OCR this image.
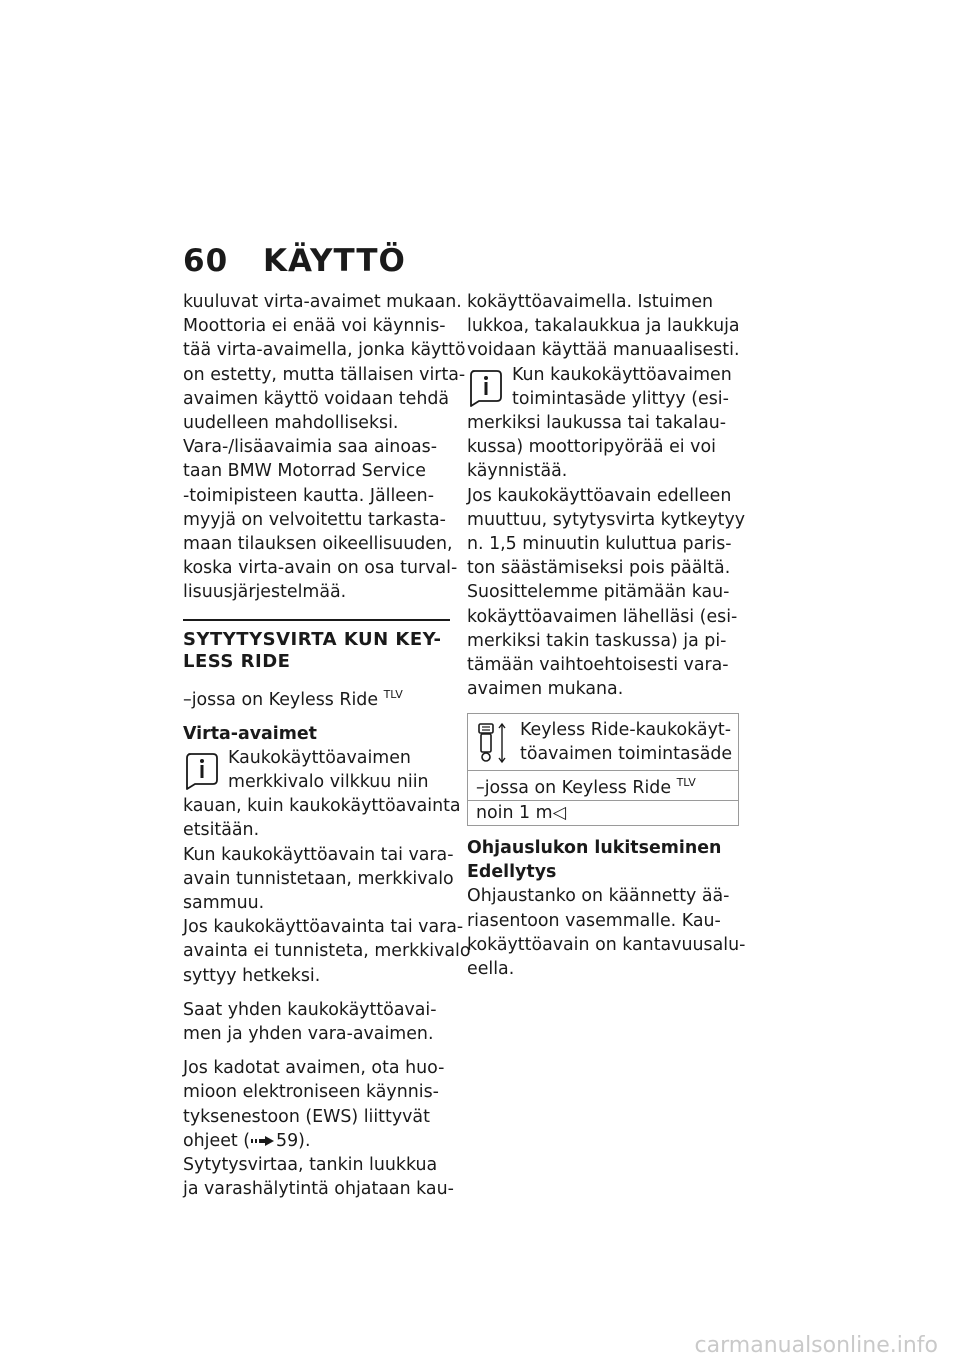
60 KÄYTTÖ

kuuluvat virta-avaimet mukaan.

Moottoria ei enää voi käynnis-

tää virta-avaimella, jonka käyttö

on estetty, mutta tällaisen virta-

avaimen käyttö voidaan tehdä

uudelleen mahdolliseksi.

Vara-/lisäavaimia saa ainoas-

taan BMW Motorrad Service

-toimipisteen kautta. Jälleen-

myyjä on velvoitettu tarkasta-

maan tilauksen oikeellisuuden,

koska virta-avain on osa turval-

lisuusjärjestelmää.

SYTYTYSVIRTA KUN KEY-
LESS RIDE

–jossa on Keyless Ride $^{TLV}$

Virta-avaimet

Kaukokäyttöavaimen

merkkivalo vilkkuu niin

kauan, kuin kaukokäyttöavainta

etsitään.

Kun kaukokäyttöavain tai vara-

avain tunnistetaan, merkkivalo

sammuu.

Jos kaukokäyttöavainta tai vara-

avainta ei tunnisteta, merkkivalo

syttyy hetkeksi.

Saat yhden kaukokäyttöavai-

men ja yhden vara-avaimen.

Jos kadotat avaimen, ota huo-

mioon elektroniseen käynnis-

tyksenestoon (EWS) liittyvät

ohjeet ( 59).

Sytytysvirtaa, tankin luukkua

ja varashälytintä ohjataan kau-

kokäyttöavaimella. Istuimen

lukkoa, takalaukkua ja laukkuja

voidaan käyttää manuaalisesti.

Kun kaukokäyttöavaimen

toimintasäde ylittyy (esi-

merkiksi laukussa tai takalau-

kussa) moottoripyörää ei voi

käynnistää.

Jos kaukokäyttöavain edelleen

muuttuu, sytytysvirta kytkeytyy

n. 1,5 minuutin kuluttua paris-

ton säästämiseksi pois päältä.

Suosittelemme pitämään kau-

kokäyttöavaimen lähelläsi (esi-

merkiksi takin taskussa) ja pi-

tämään vaihtoehtoisesti vara-

avaimen mukana.

Keyless Ride-kaukokäyt-
töavaimen toimintasäde

–jossa on Keyless Ride $^{TLV}$
noin 1 m◁

Ohjauslukon lukitseminen

Edellytys

Ohjaustanko on käännetty ää-

riasentoon vasemmalle. Kau-

kokäyttöavain on kantavuusalu-

eella.

carmanualsonline.info
